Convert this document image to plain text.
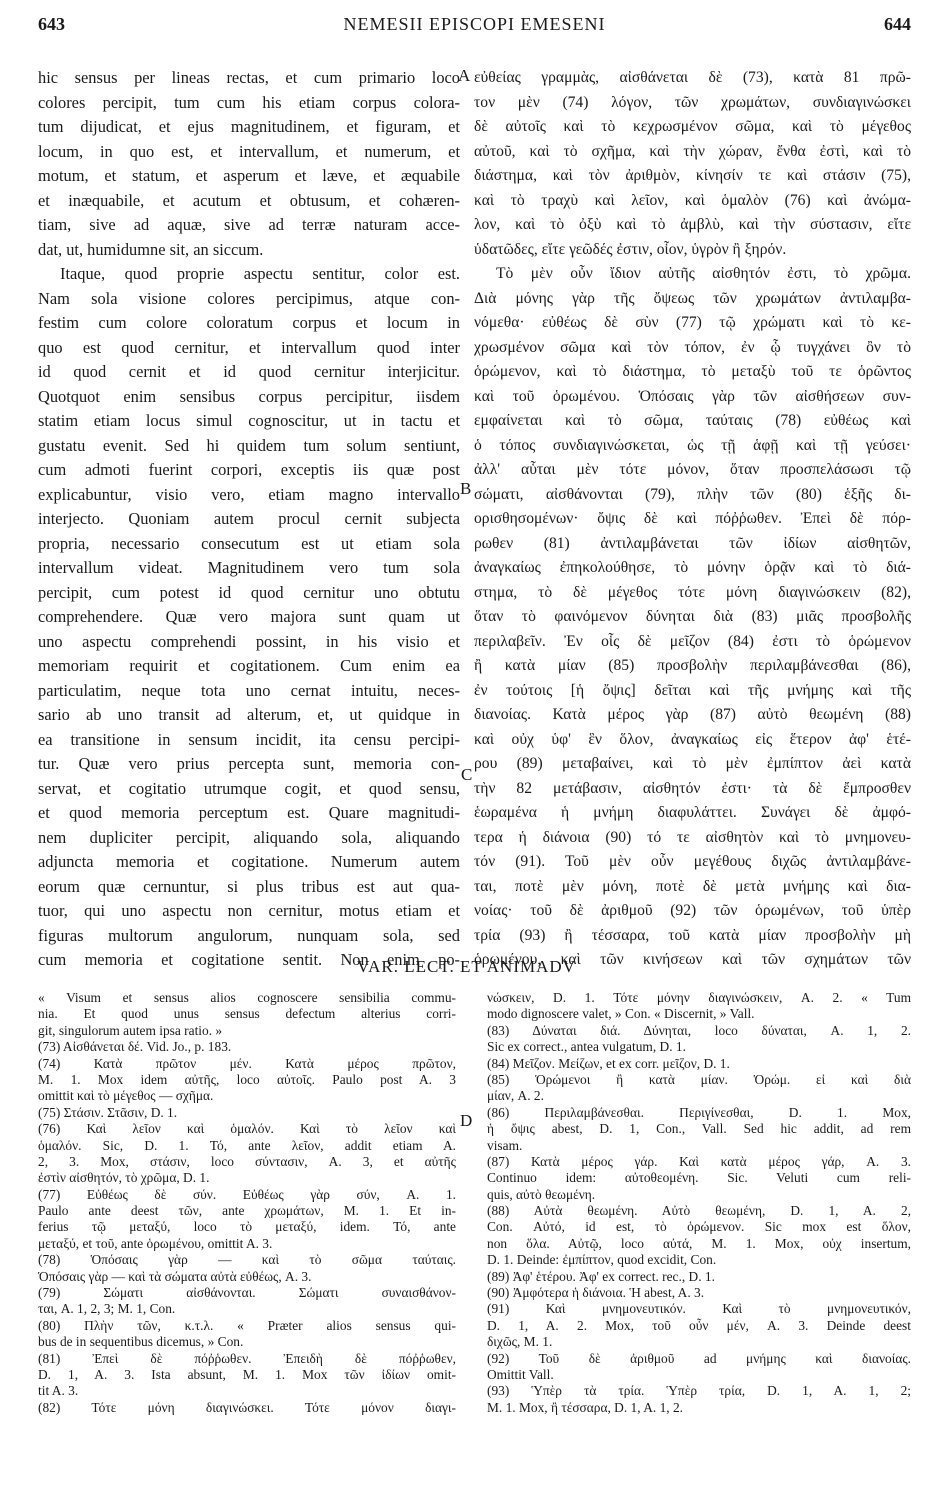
643	NEMESII EPISCOPI EMESENI	644
hic sensus per lineas rectas, et cum primario loco
colores percipit, tum cum his etiam corpus colora-
tum dijudicat, et ejus magnitudinem, et figuram, et
locum, in quo est, et intervallum, et numerum, et
motum, et statum, et asperum et læve, et æquabile
et inæquabile, et acutum et obtusum, et cohæren-
tiam, sive ad aquæ, sive ad terræ naturam acce-
dat, ut, humidumne sit, an siccum.
Itaque, quod proprie aspectu sentitur, color est.
Nam sola visione colores percipimus, atque con-
festim cum colore coloratum corpus et locum in
quo est quod cernitur, et intervallum quod inter
id quod cernit et id quod cernitur interjicitur.
Quotquot enim sensibus corpus percipitur, iisdem
statim etiam locus simul cognoscitur, ut in tactu et
gustatu evenit. Sed hi quidem tum solum sentiunt,
cum admoti fuerint corpori, exceptis iis quæ post
explicabuntur, visio vero, etiam magno intervallo
interjecto. Quoniam autem procul cernit subjecta
propria, necessario consecutum est ut etiam sola
intervallum videat. Magnitudinem vero tum sola
percipit, cum potest id quod cernitur uno obtutu
comprehendere. Quæ vero majora sunt quam ut
uno aspectu comprehendi possint, in his visio et
memoriam requirit et cogitationem. Cum enim ea
particulatim, neque tota uno cernat intuitu, neces-
sario ab uno transit ad alterum, et, ut quidque in
ea transitione in sensum incidit, ita censu percipi-
tur. Quæ vero prius percepta sunt, memoria con-
servat, et cogitatio utrumque cogit, et quod sensu,
et quod memoria perceptum est. Quare magnitudi-
nem dupliciter percipit, aliquando sola, aliquando
adjuncta memoria et cogitatione. Numerum autem
eorum quæ cernuntur, si plus tribus est aut qua-
tuor, qui uno aspectu non cernitur, motus etiam et
figuras multorum angulorum, nunquam sola, sed
cum memoria et cogitatione sentit. Non enim po-
εὐθείας γραμμὰς, αἰσθάνεται δὲ (73), κατὰ 81 πρῶ-
τον μὲν (74) λόγον, τῶν χρωμάτων, συνδιαγινώσκει
δὲ αὐτοῖς καὶ τὸ κεχρωσμένον σῶμα, καὶ τὸ μέγεθος
αὐτοῦ, καὶ τὸ σχῆμα, καὶ τὴν χώραν, ἔνθα ἐστὶ, καὶ τὸ
διάστημα, καὶ τὸν ἀριθμὸν, κίνησίν τε καὶ στάσιν (75),
καὶ τὸ τραχὺ καὶ λεῖον, καὶ ὁμαλὸν (76) καὶ ἀνώμα-
λον, καὶ τὸ ὀξὺ καὶ τὸ ἀμβλὺ, καὶ τὴν σύστασιν, εἴτε
ὑδατῶδες, εἴτε γεῶδές ἐστιν, οἷον, ὑγρὸν ἢ ξηρόν.
Τὸ μὲν οὖν ἴδιον αὐτῆς αἰσθητόν ἐστι, τὸ χρῶμα.
Διὰ μόνης γὰρ τῆς ὄψεως τῶν χρωμάτων ἀντιλαμβα-
νόμεθα· εὐθέως δὲ σὺν (77) τῷ χρώματι καὶ τὸ κε-
χρωσμένον σῶμα καὶ τὸν τόπον, ἐν ᾧ τυγχάνει ὂν τὸ
ὁρώμενον, καὶ τὸ διάστημα, τὸ μεταξὺ τοῦ τε ὁρῶντος
καὶ τοῦ ὁρωμένου. Ὁπόσαις γὰρ τῶν αἰσθήσεων συν-
εμφαίνεται καὶ τὸ σῶμα, ταύταις (78) εὐθέως καὶ
ὁ τόπος συνδιαγινώσκεται, ὡς τῇ ἁφῇ καὶ τῇ γεύσει·
ἀλλ' αὗται μὲν τότε μόνον, ὅταν προσπελάσωσι τῷ
σώματι, αἰσθάνονται (79), πλὴν τῶν (80) ἑξῆς δι-
ορισθησομένων· ὄψις δὲ καὶ πόῤῥωθεν. Ἐπεὶ δὲ πόρ-
ρωθεν (81) ἀντιλαμβάνεται τῶν ἰδίων αἰσθητῶν,
ἀναγκαίως ἐπηκολούθησε, τὸ μόνην ὁρᾷν καὶ τὸ διά-
στημα, τὸ δὲ μέγεθος τότε μόνη διαγινώσκειν (82),
ὅταν τὸ φαινόμενον δύνηται διὰ (83) μιᾶς προσβολῆς
περιλαβεῖν. Ἐν οἷς δὲ μεῖζον (84) ἐστι τὸ ὁρώμενον
ἢ κατὰ μίαν (85) προσβολὴν περιλαμβάνεσθαι (86),
ἐν τούτοις [ἡ ὄψις] δεῖται καὶ τῆς μνήμης καὶ τῆς
διανοίας. Κατὰ μέρος γὰρ (87) αὐτὸ θεωμένη (88)
καὶ οὐχ ὑφ' ἓν ὅλον, ἀναγκαίως εἰς ἕτερον ἀφ' ἑτέ-
ρου (89) μεταβαίνει, καὶ τὸ μὲν ἐμπίπτον ἀεὶ κατὰ
τὴν 82 μετάβασιν, αἰσθητόν ἐστι· τὰ δὲ ἔμπροσθεν
ἑωραμένα ἡ μνήμη διαφυλάττει. Συνάγει δὲ ἀμφό-
τερα ἡ διάνοια (90) τό τε αἰσθητὸν καὶ τὸ μνημονευ-
τόν (91). Τοῦ μὲν οὖν μεγέθους διχῶς ἀντιλαμβάνε-
ται, ποτὲ μὲν μόνη, ποτὲ δὲ μετὰ μνήμης καὶ δια-
νοίας· τοῦ δὲ ἀριθμοῦ (92) τῶν ὁρωμένων, τοῦ ὑπὲρ
τρία (93) ἢ τέσσαρα, τοῦ κατὰ μίαν προσβολὴν μὴ
ὁρωμένου, καὶ τῶν κινήσεων καὶ τῶν σχημάτων τῶν
A
B
C
D
VAR. LECT. ET ANIMADV
« Visum et sensus alios cognoscere sensibilia commu-
nia. Et quod unus sensus defectum alterius corri-
git, singulorum autem ipsa ratio. »
(73) Αἰσθάνεται δέ. Vid. Jo., p. 183.
(74) Κατὰ πρῶτον μέν. Κατὰ μέρος πρῶτον,
M. 1. Mox idem αὐτῆς, loco αὐτοῖς. Paulo post A. 3
omittit καὶ τὸ μέγεθος — σχῆμα.
(75) Στάσιν. Στᾶσιν, D. 1.
(76) Καὶ λεῖον καὶ ὁμαλόν. Καὶ τὸ λεῖον καὶ
ὁμαλόν. Sic, D. 1. Τό, ante λεῖον, addit etiam A.
2, 3. Mox, στάσιν, loco σύντασιν, A. 3, et αὐτῆς
ἐστὶν αἰσθητόν, τὸ χρῶμα, D. 1.
(77) Εὐθέως δὲ σύν. Εὐθέως γὰρ σύν, A. 1.
Paulo ante deest τῶν, ante χρωμάτων, M. 1. Et in-
ferius τῷ μεταξύ, loco τὸ μεταξύ, idem. Τό, ante
μεταξύ, et τοῦ, ante ὁρωμένου, omittit A. 3.
(78) Ὁπόσαις γὰρ — καὶ τὸ σῶμα ταύταις.
Ὁπόσαις γὰρ — καὶ τὰ σώματα αὐτὰ εὐθέως, A. 3.
(79) Σώματι αἰσθάνονται. Σώματι συναισθάνον-
ται, A. 1, 2, 3; M. 1, Con.
(80) Πλὴν τῶν, κ.τ.λ. « Præter alios sensus qui-
bus de in sequentibus dicemus, » Con.
(81) Ἐπεὶ δὲ πόῤῥωθεν. Ἐπειδὴ δὲ πόῤῥωθεν,
D. 1, A. 3. Ista absunt, M. 1. Mox τῶν ἰδίων omit-
tit A. 3.
(82) Τότε μόνη διαγινώσκει. Τότε μόνον διαγι-
νώσκειν, D. 1. Τότε μόνην διαγινώσκειν, A. 2. « Tum
modo dignoscere valet, » Con. « Discernit, » Vall.
(83) Δύναται διά. Δύνηται, loco δύναται, A. 1, 2.
Sic ex correct., antea vulgatum, D. 1.
(84) Μεῖζον. Μείζων, et ex corr. μεῖζον, D. 1.
(85) Ὁρώμενοι ἢ κατὰ μίαν. Ὁρώμ. εἰ καὶ διὰ
μίαν, A. 2.
(86) Περιλαμβάνεσθαι. Περιγίνεσθαι, D. 1. Mox,
ἡ ὄψις abest, D. 1, Con., Vall. Sed hic addit, ad rem
visam.
(87) Κατὰ μέρος γάρ. Καὶ κατὰ μέρος γάρ, A. 3.
Continuo idem: αὐτοθεομένη. Sic. Veluti cum reli-
quis, αὐτὸ θεωμένη.
(88) Αὐτὰ θεωμένη. Αὐτὸ θεωμένη, D. 1, A. 2,
Con. Αὐτό, id est, τὸ ὁρώμενον. Sic mox est ὅλον,
non ὅλα. Αὐτῷ, loco αὐτά, M. 1. Mox, οὐχ insertum,
D. 1. Deinde: ἐμπίπτον, quod excidit, Con.
(89) Ἀφ' ἑτέρου. Ἀφ' ex correct. rec., D. 1.
(90) Ἀμφότερα ἡ διάνοια. Ἡ abest, A. 3.
(91) Καὶ μνημονευτικόν. Καὶ τὸ μνημονευτικόν,
D. 1, A. 2. Mox, τοῦ οὖν μέν, A. 3. Deinde deest
διχῶς, M. 1.
(92) Τοῦ δὲ ἀριθμοῦ ad μνήμης καὶ διανοίας.
Omittit Vall.
(93) Ὑπὲρ τὰ τρία. Ὑπὲρ τρία, D. 1, A. 1, 2;
M. 1. Mox, ἢ τέσσαρα, D. 1, A. 1, 2.
